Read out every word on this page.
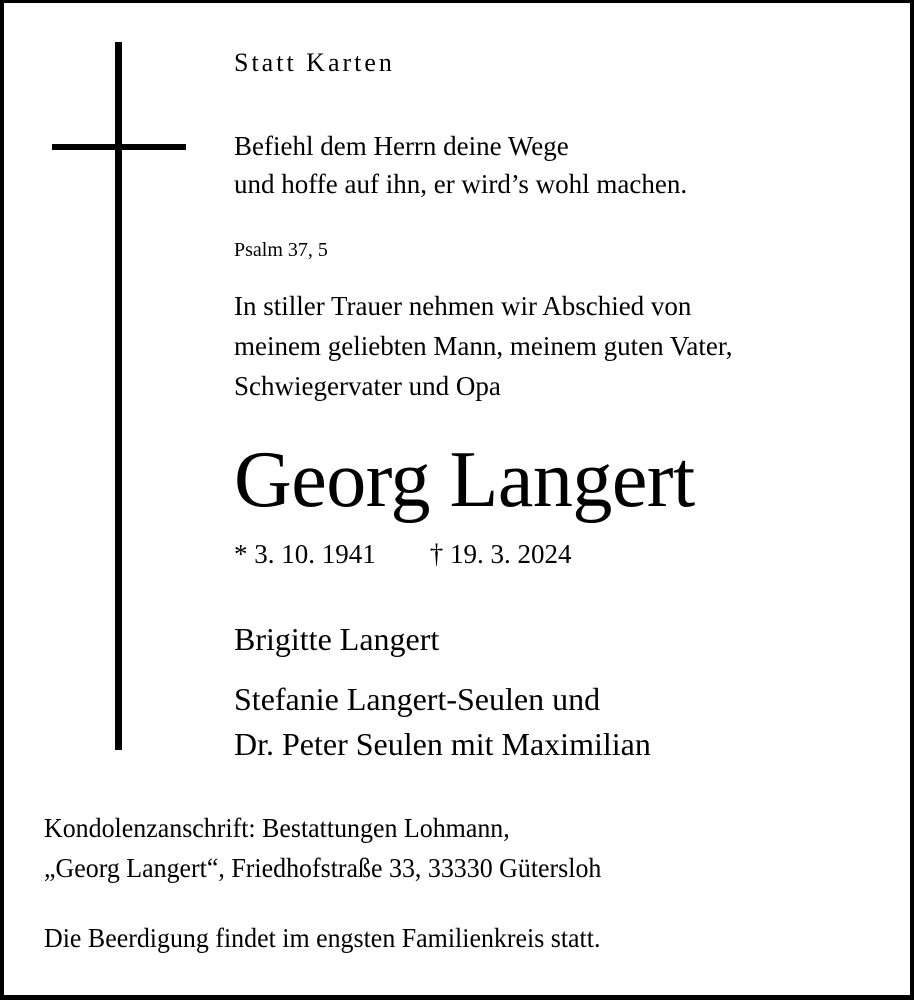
Statt Karten
Befiehl dem Herrn deine Wege
und hoffe auf ihn, er wird’s wohl machen.
Psalm 37, 5
In stiller Trauer nehmen wir Abschied von
meinem geliebten Mann, meinem guten Vater,
Schwiegervater und Opa
Georg Langert
* 3. 10. 1941 † 19. 3. 2024
Brigitte Langert
Stefanie Langert-Seulen und
Dr. Peter Seulen mit Maximilian
Kondolenzanschrift: Bestattungen Lohmann,
„Georg Langert“, Friedhofstraße 33, 33330 Gütersloh
Die Beerdigung findet im engsten Familienkreis statt.
